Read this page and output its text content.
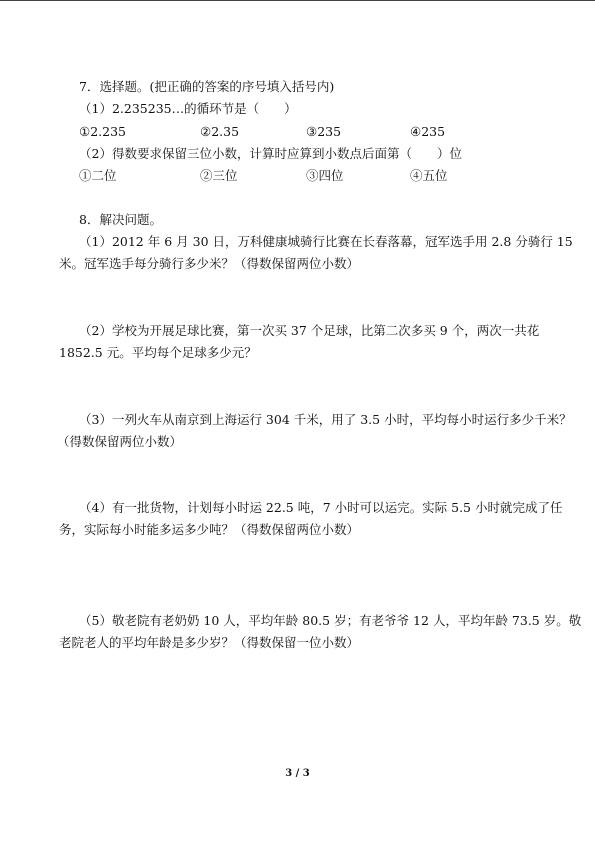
7．选择题。(把正确的答案的序号填入括号内)
（1）2.235235…的循环节是（　　）
①2.235	②2.35	③235	④235
（2）得数要求保留三位小数，计算时应算到小数点后面第（　　）位
①二位	②三位	③四位	④五位
8．解决问题。
（1）2012 年 6 月 30 日，万科健康城骑行比赛在长春落幕，冠军选手用 2.8 分骑行 15
米。冠军选手每分骑行多少米？（得数保留两位小数）
（2）学校为开展足球比赛，第一次买 37 个足球，比第二次多买 9 个，两次一共花
1852.5 元。平均每个足球多少元？
（3）一列火车从南京到上海运行 304 千米，用了 3.5 小时，平均每小时运行多少千米？
（得数保留两位小数）
（4）有一批货物，计划每小时运 22.5 吨，7 小时可以运完。实际 5.5 小时就完成了任
务，实际每小时能多运多少吨？（得数保留两位小数）
（5）敬老院有老奶奶 10 人，平均年龄 80.5 岁；有老爷爷 12 人，平均年龄 73.5 岁。敬
老院老人的平均年龄是多少岁？（得数保留一位小数）
3 / 3
